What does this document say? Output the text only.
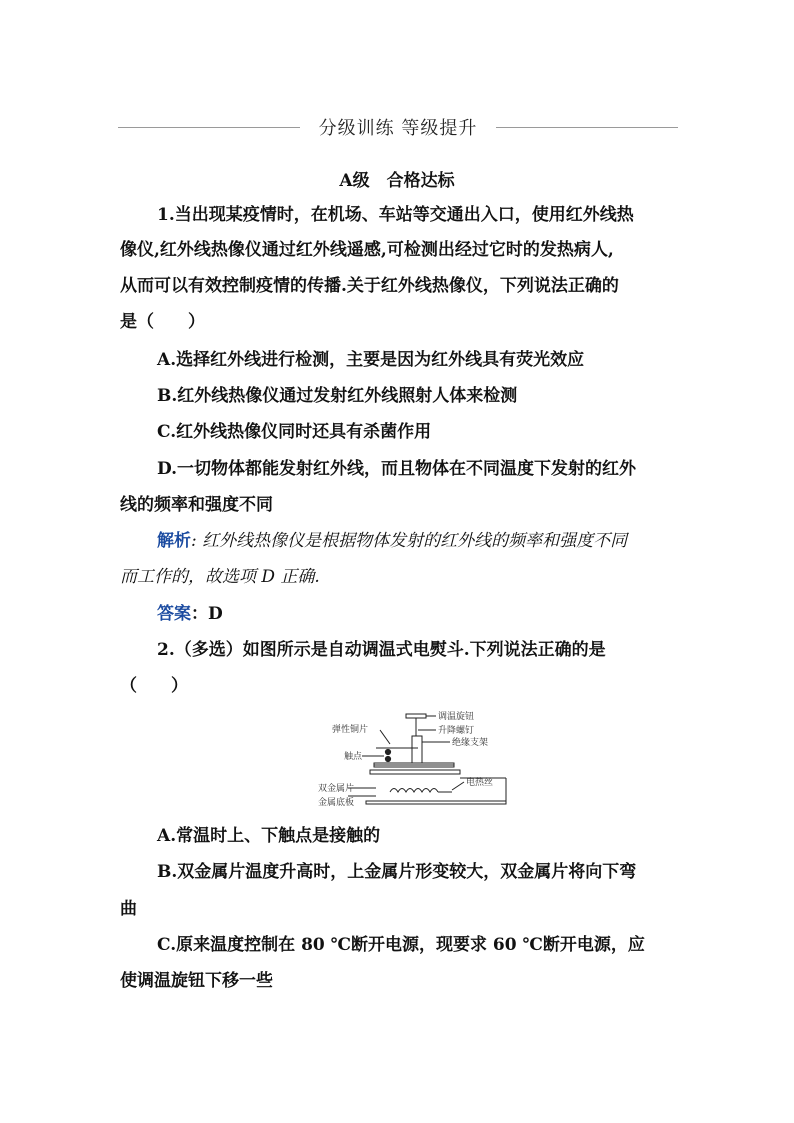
分级训练 等级提升
A级　合格达标
1.当出现某疫情时，在机场、车站等交通出入口，使用红外线热
像仪,红外线热像仪通过红外线遥感,可检测出经过它时的发热病人,
从而可以有效控制疫情的传播.关于红外线热像仪，下列说法正确的
是（　　）
A.选择红外线进行检测，主要是因为红外线具有荧光效应
B.红外线热像仪通过发射红外线照射人体来检测
C.红外线热像仪同时还具有杀菌作用
D.一切物体都能发射红外线，而且物体在不同温度下发射的红外
线的频率和强度不同
解析: 红外线热像仪是根据物体发射的红外线的频率和强度不同
而工作的，故选项 D 正确.
答案：D
2.（多选）如图所示是自动调温式电熨斗.下列说法正确的是
（　　）
调温旋钮
升降螺钉
弹性铜片
绝缘支架
触点
电热丝
双金属片
金属底板
A.常温时上、下触点是接触的
B.双金属片温度升高时，上金属片形变较大，双金属片将向下弯
曲
C.原来温度控制在 80 ℃断开电源，现要求 60 ℃断开电源，应
使调温旋钮下移一些
